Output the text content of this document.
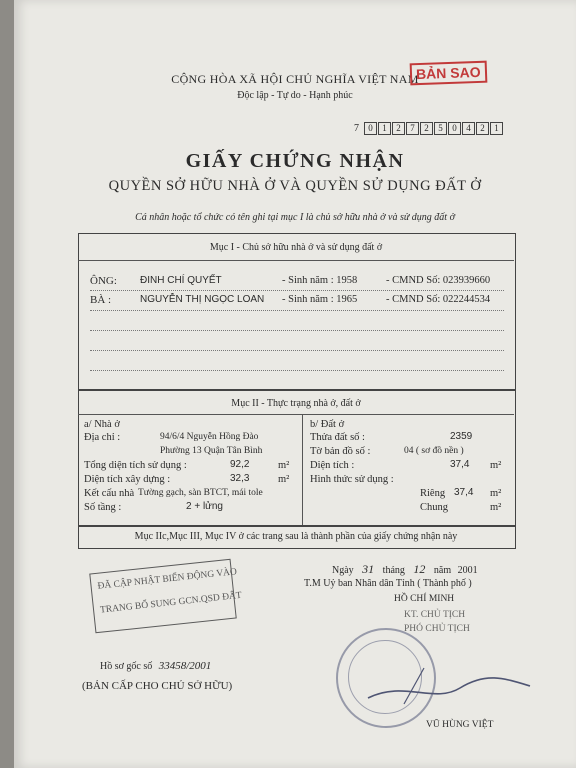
CỘNG HÒA XÃ HỘI CHỦ NGHĨA VIỆT NAM
Độc lập - Tự do - Hạnh phúc
BẢN SAO
7	0	1	2	7	2	5	0	4	2	1
GIẤY CHỨNG NHẬN
QUYỀN SỞ HỮU NHÀ Ở VÀ QUYỀN SỬ DỤNG ĐẤT Ở
Cá nhân hoặc tổ chức có tên ghi tại mục I là chủ sở hữu nhà ở và sử dụng đất ở
Mục I - Chủ sở hữu nhà ở và sử dụng đất ở
ÔNG: ĐINH CHÍ QUYẾT	- Sinh năm : 1958	- CMND Số: 023939660
BÀ :	NGUYỄN THỊ NGỌC LOAN - Sinh năm : 1965	- CMND Số: 022244534
Mục II - Thực trạng nhà ở, đất ở
a/ Nhà ở
Địa chỉ :	94/6/4 Nguyễn Hồng Đào
Phường 13 Quận Tân Bình
Tổng diện tích sử dụng :	92,2	m²
Diện tích xây dựng :	32,3	m²
Kết cấu nhà Tường gạch, sàn BTCT, mái tole
Số tầng :	2 + lửng
b/ Đất ở
Thửa đất số :	2359
Tờ bản đồ số :	04 ( sơ đồ nền )
Diện tích :	37,4 m²
Hình thức sử dụng :
Riêng 37,4 m²
Chung	m²
Mục IIc,Mục III, Mục IV ở các trang sau là thành phần của giấy chứng nhận này
ĐÃ CẬP NHẬT BIẾN ĐỘNG VÀO
TRANG BỔ SUNG GCN.QSD ĐẤT
Ngày 31 tháng 12 năm 2001
T.M Uỷ ban Nhân dân Tỉnh ( Thành phố )
HỒ CHÍ MINH
KT. CHỦ TỊCH
PHÓ CHỦ TỊCH
VŨ HÙNG VIỆT
Hồ sơ gốc số 33458/2001
(BẢN CẤP CHO CHỦ SỞ HỮU)
